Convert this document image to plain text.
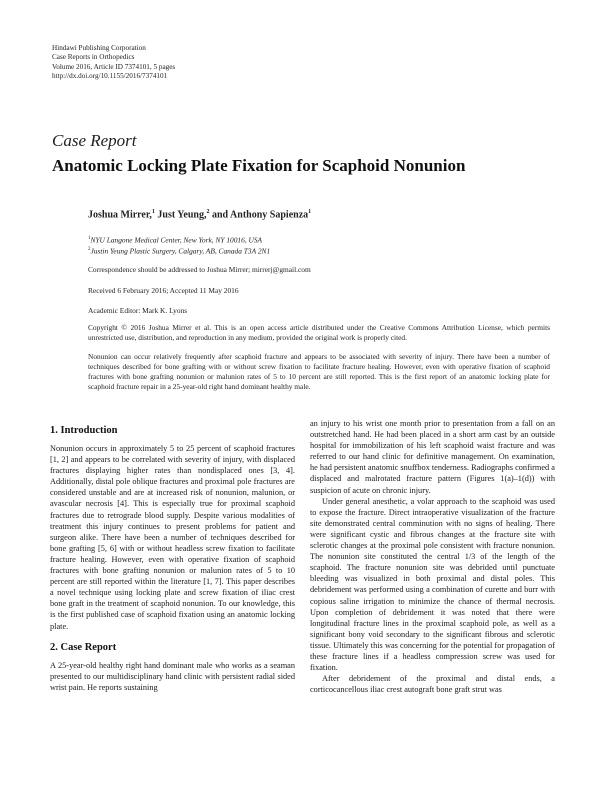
Hindawi Publishing Corporation
Case Reports in Orthopedics
Volume 2016, Article ID 7374101, 5 pages
http://dx.doi.org/10.1155/2016/7374101
Case Report
Anatomic Locking Plate Fixation for Scaphoid Nonunion
Joshua Mirrer,$^1$ Just Yeung,$^2$ and Anthony Sapienza$^1$
$^1$NYU Langone Medical Center, New York, NY 10016, USA
$^2$Justin Yeung Plastic Surgery, Calgary, AB, Canada T3A 2N1
Correspondence should be addressed to Joshua Mirrer; mirrerj@gmail.com
Received 6 February 2016; Accepted 11 May 2016
Academic Editor: Mark K. Lyons
Copyright © 2016 Joshua Mirrer et al. This is an open access article distributed under the Creative Commons Attribution License, which permits unrestricted use, distribution, and reproduction in any medium, provided the original work is properly cited.
Nonunion can occur relatively frequently after scaphoid fracture and appears to be associated with severity of injury. There have been a number of techniques described for bone grafting with or without screw fixation to facilitate fracture healing. However, even with operative fixation of scaphoid fractures with bone grafting nonunion or malunion rates of 5 to 10 percent are still reported. This is the first report of an anatomic locking plate for scaphoid fracture repair in a 25-year-old right hand dominant healthy male.
1. Introduction

Nonunion occurs in approximately 5 to 25 percent of scaphoid fractures [1, 2] and appears to be correlated with severity of injury, with displaced fractures displaying higher rates than nondisplaced ones [3, 4]. Additionally, distal pole oblique fractures and proximal pole fractures are considered unstable and are at increased risk of nonunion, malunion, or avascular necrosis [4]. This is especially true for proximal scaphoid fractures due to retrograde blood supply. Despite various modalities of treatment this injury continues to present problems for patient and surgeon alike. There have been a number of techniques described for bone grafting [5, 6] with or without headless screw fixation to facilitate fracture healing. However, even with operative fixation of scaphoid fractures with bone grafting nonunion or malunion rates of 5 to 10 percent are still reported within the literature [1, 7]. This paper describes a novel technique using locking plate and screw fixation of iliac crest bone graft in the treatment of scaphoid nonunion. To our knowledge, this is the first published case of scaphoid fixation using an anatomic locking plate.

2. Case Report

A 25-year-old healthy right hand dominant male who works as a seaman presented to our multidisciplinary hand clinic with persistent radial sided wrist pain. He reports sustaining

an injury to his wrist one month prior to presentation from a fall on an outstretched hand. He had been placed in a short arm cast by an outside hospital for immobilization of his left scaphoid waist fracture and was referred to our hand clinic for definitive management. On examination, he had persistent anatomic snuffbox tenderness. Radiographs confirmed a displaced and malrotated fracture pattern (Figures 1(a)–1(d)) with suspicion of acute on chronic injury.

Under general anesthetic, a volar approach to the scaphoid was used to expose the fracture. Direct intraoperative visualization of the fracture site demonstrated central comminution with no signs of healing. There were significant cystic and fibrous changes at the fracture site with sclerotic changes at the proximal pole consistent with fracture nonunion. The nonunion site constituted the central 1/3 of the length of the scaphoid. The fracture nonunion site was debrided until punctuate bleeding was visualized in both proximal and distal poles. This debridement was performed using a combination of curette and burr with copious saline irrigation to minimize the chance of thermal necrosis. Upon completion of debridement it was noted that there were longitudinal fracture lines in the proximal scaphoid pole, as well as a significant bony void secondary to the significant fibrous and sclerotic tissue. Ultimately this was concerning for the potential for propagation of these fracture lines if a headless compression screw was used for fixation.

After debridement of the proximal and distal ends, a corticocancellous iliac crest autograft bone graft strut was
